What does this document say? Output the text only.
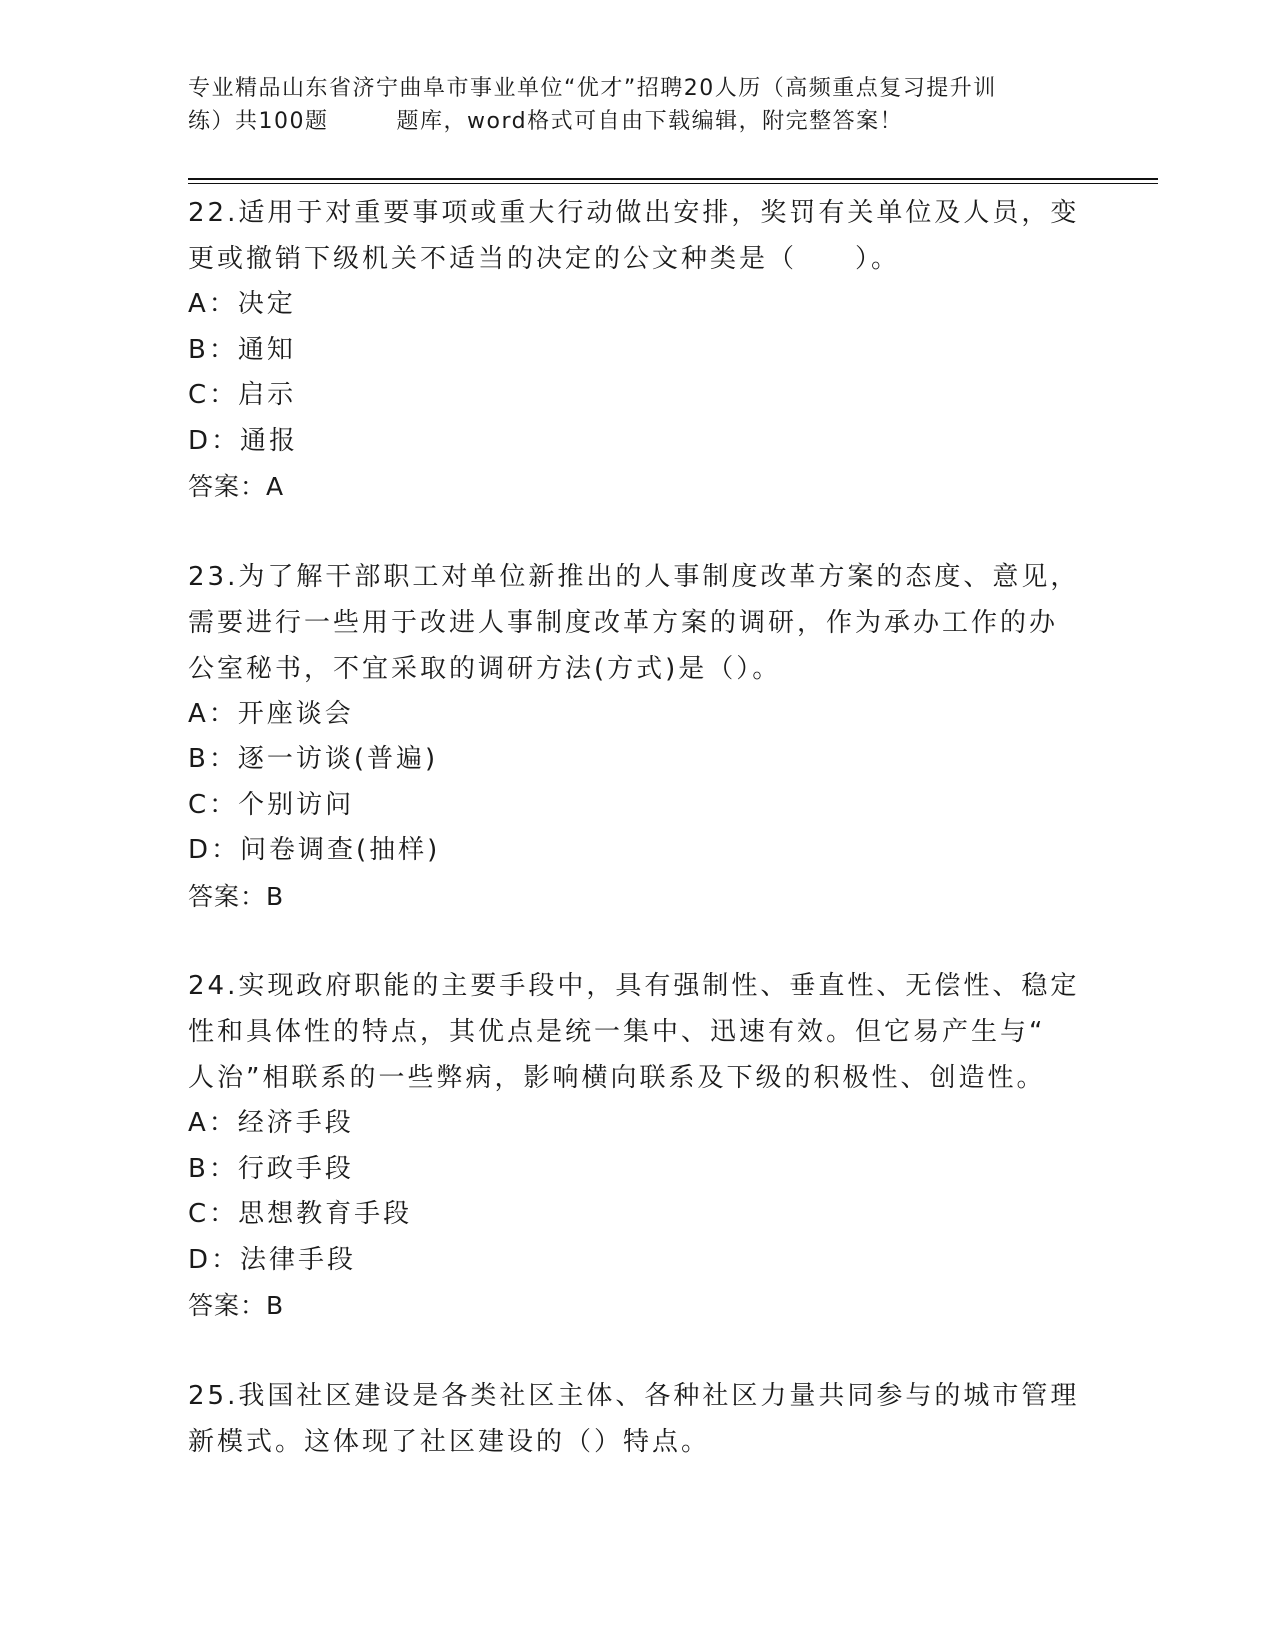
专业精品山东省济宁曲阜市事业单位“优才”招聘20人历（高频重点复习提升训
练）共100题	题库，word格式可自由下载编辑，附完整答案！

22.适用于对重要事项或重大行动做出安排，奖罚有关单位及人员，变

更或撤销下级机关不适当的决定的公文种类是（　　）。

A：决定

B：通知

C：启示

D：通报

答案：A

23.为了解干部职工对单位新推出的人事制度改革方案的态度、意见，

需要进行一些用于改进人事制度改革方案的调研，作为承办工作的办

公室秘书，不宜采取的调研方法(方式)是（）。

A：开座谈会

B：逐一访谈(普遍)

C：个别访问

D：问卷调查(抽样)

答案：B

24.实现政府职能的主要手段中，具有强制性、垂直性、无偿性、稳定

性和具体性的特点，其优点是统一集中、迅速有效。但它易产生与“

人治”相联系的一些弊病，影响横向联系及下级的积极性、创造性。

A：经济手段

B：行政手段

C：思想教育手段

D：法律手段

答案：B

25.我国社区建设是各类社区主体、各种社区力量共同参与的城市管理

新模式。这体现了社区建设的（）特点。
